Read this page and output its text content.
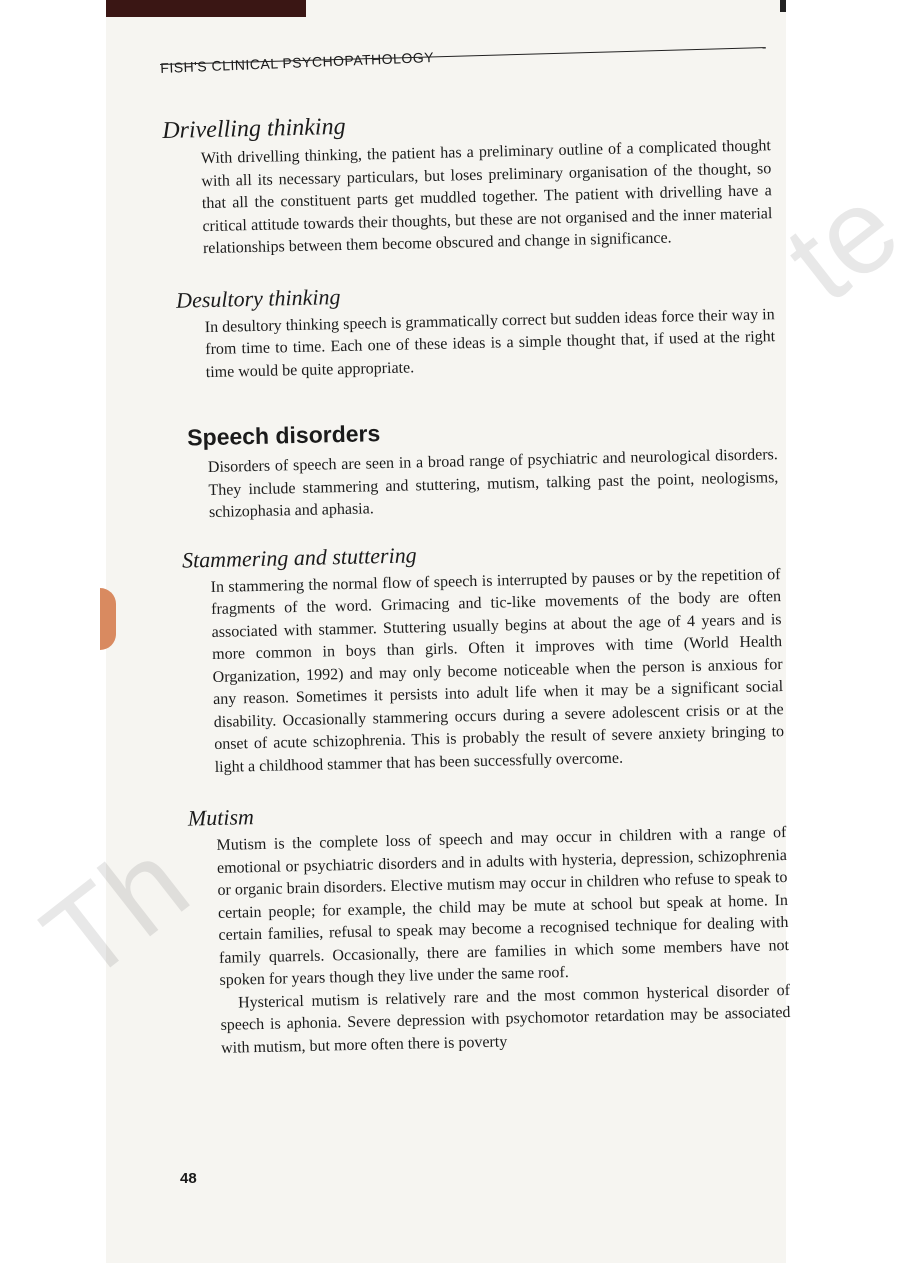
FISH'S CLINICAL PSYCHOPATHOLOGY
Drivelling thinking

With drivelling thinking, the patient has a preliminary outline of a complicated thought with all its necessary particulars, but loses preliminary organisation of the thought, so that all the constituent parts get muddled together. The patient with drivelling have a critical attitude towards their thoughts, but these are not organised and the inner material relationships between them become obscured and change in significance.

Desultory thinking

In desultory thinking speech is grammatically correct but sudden ideas force their way in from time to time. Each one of these ideas is a simple thought that, if used at the right time would be quite appropriate.

Speech disorders

Disorders of speech are seen in a broad range of psychiatric and neurological disorders. They include stammering and stuttering, mutism, talking past the point, neologisms, schizophasia and aphasia.

Stammering and stuttering

In stammering the normal flow of speech is interrupted by pauses or by the repetition of fragments of the word. Grimacing and tic-like movements of the body are often associated with stammer. Stuttering usually begins at about the age of 4 years and is more common in boys than girls. Often it improves with time (World Health Organization, 1992) and may only become noticeable when the person is anxious for any reason. Sometimes it persists into adult life when it may be a significant social disability. Occasionally stammering occurs during a severe adolescent crisis or at the onset of acute schizophrenia. This is probably the result of severe anxiety bringing to light a childhood stammer that has been successfully overcome.

Mutism

Mutism is the complete loss of speech and may occur in children with a range of emotional or psychiatric disorders and in adults with hysteria, depression, schizophrenia or organic brain disorders. Elective mutism may occur in children who refuse to speak to certain people; for example, the child may be mute at school but speak at home. In certain families, refusal to speak may become a recognised technique for dealing with family quarrels. Occasionally, there are families in which some members have not spoken for years though they live under the same roof.

Hysterical mutism is relatively rare and the most common hysterical disorder of speech is aphonia. Severe depression with psychomotor retardation may be associated with mutism, but more often there is poverty

48
te
